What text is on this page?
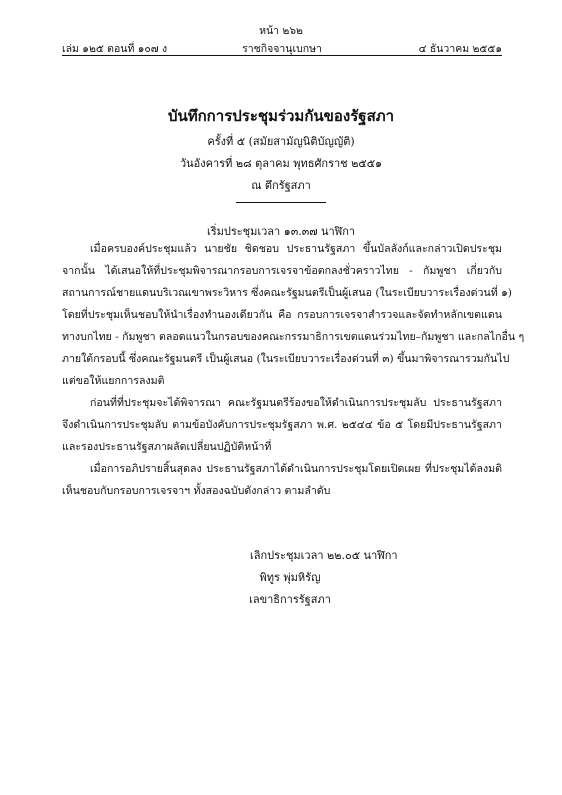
หน้า ๒๖๒
ราชกิจจานุเบกษา
เล่ม ๑๒๕ ตอนที่ ๑๐๗ ง	๔ ธันวาคม ๒๕๕๑
บันทึกการประชุมร่วมกันของรัฐสภา
ครั้งที่ ๕ (สมัยสามัญนิติบัญญัติ)
วันอังคารที่ ๒๘ ตุลาคม พุทธศักราช ๒๕๕๑
ณ ตึกรัฐสภา
เริ่มประชุมเวลา ๑๓.๓๗ นาฬิกา
เมื่อครบองค์ประชุมแล้ว นายชัย ชิดชอบ ประธานรัฐสภา ขึ้นบัลลังก์และกล่าวเปิดประชุม
จากนั้น ได้เสนอให้ที่ประชุมพิจารณากรอบการเจรจาข้อตกลงชั่วคราวไทย - กัมพูชา เกี่ยวกับ
สถานการณ์ชายแดนบริเวณเขาพระวิหาร ซึ่งคณะรัฐมนตรีเป็นผู้เสนอ (ในระเบียบวาระเรื่องด่วนที่ ๑)
โดยที่ประชุมเห็นชอบให้นำเรื่องทำนองเดียวกัน คือ กรอบการเจรจาสำรวจและจัดทำหลักเขตแดน
ทางบกไทย - กัมพูชา ตลอดแนวในกรอบของคณะกรรมาธิการเขตแดนร่วมไทย–กัมพูชา และกลไกอื่น ๆ
ภายใต้กรอบนี้ ซึ่งคณะรัฐมนตรี เป็นผู้เสนอ (ในระเบียบวาระเรื่องด่วนที่ ๓) ขึ้นมาพิจารณารวมกันไป
แต่ขอให้แยกการลงมติ
ก่อนที่ที่ประชุมจะได้พิจารณา คณะรัฐมนตรีร้องขอให้ดำเนินการประชุมลับ ประธานรัฐสภา
จึงดำเนินการประชุมลับ ตามข้อบังคับการประชุมรัฐสภา พ.ศ. ๒๕๔๔ ข้อ ๕ โดยมีประธานรัฐสภา
และรองประธานรัฐสภาผลัดเปลี่ยนปฏิบัติหน้าที่
เมื่อการอภิปรายสิ้นสุดลง ประธานรัฐสภาได้ดำเนินการประชุมโดยเปิดเผย ที่ประชุมได้ลงมติ
เห็นชอบกับกรอบการเจรจาฯ ทั้งสองฉบับดังกล่าว ตามลำดับ
เลิกประชุมเวลา ๒๒.๐๕ นาฬิกา
พิทูร พุ่มหิรัญ
เลขาธิการรัฐสภา
